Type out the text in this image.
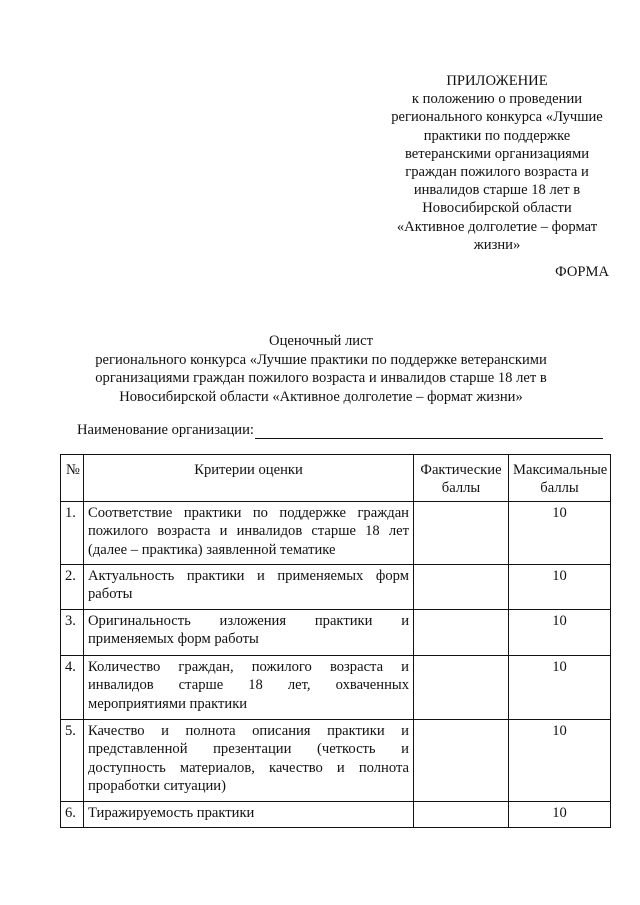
ПРИЛОЖЕНИЕ
к положению о проведении
регионального конкурса «Лучшие
практики по поддержке
ветеранскими организациями
граждан пожилого возраста и
инвалидов старше 18 лет в
Новосибирской области
«Активное долголетие – формат
жизни»
ФОРМА
Оценочный лист
регионального конкурса «Лучшие практики по поддержке ветеранскими
организациями граждан пожилого возраста и инвалидов старше 18 лет в
Новосибирской области «Активное долголетие – формат жизни»
Наименование организации:
№	Критерии оценки	Фактические баллы	Максимальные баллы
1.	Соответствие практики по поддержке граждан пожилого возраста и инвалидов старше 18 лет (далее – практика) заявленной тематике		10
2.	Актуальность практики и применяемых форм работы		10
3.	Оригинальность изложения практики и применяемых форм работы		10
4.	Количество граждан, пожилого возраста и инвалидов старше 18 лет, охваченных мероприятиями практики		10
5.	Качество и полнота описания практики и представленной презентации (четкость и доступность материалов, качество и полнота проработки ситуации)		10
6.	Тиражируемость практики		10
